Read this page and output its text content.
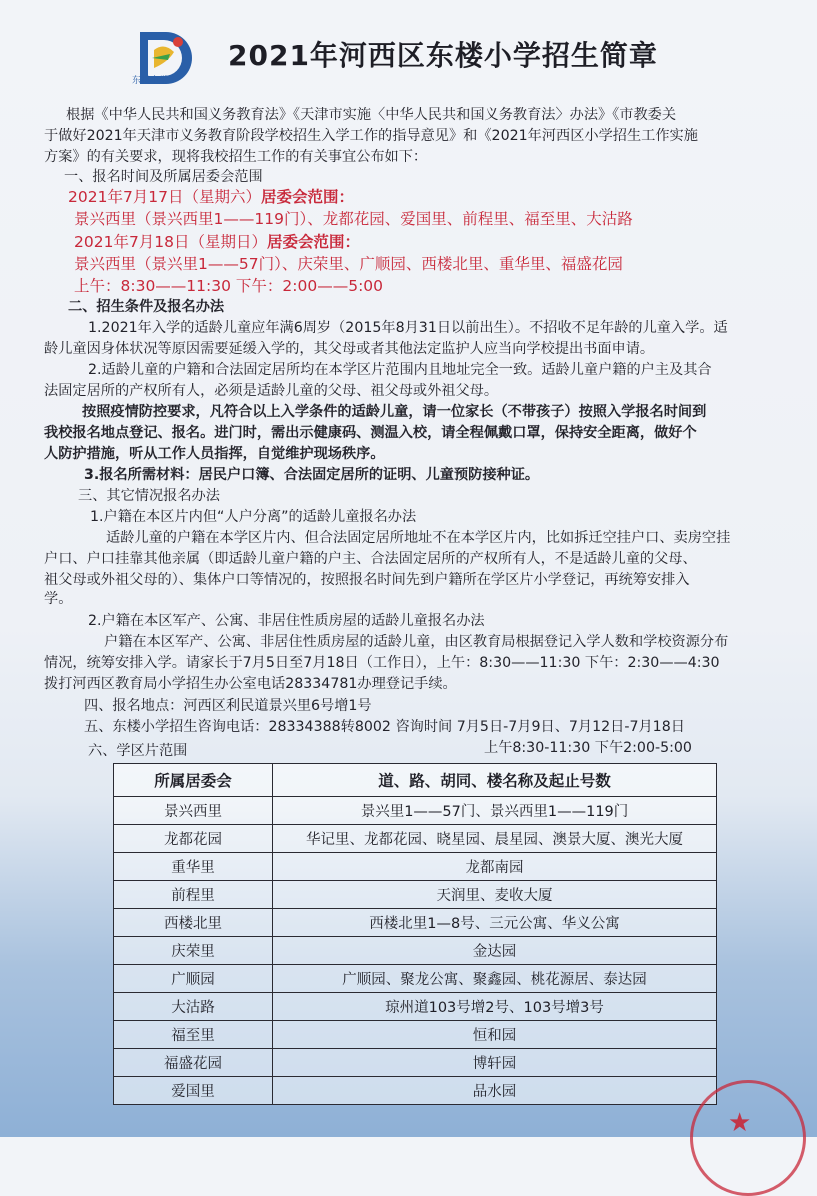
东楼小学
2021年河西区东楼小学招生简章
根据《中华人民共和国义务教育法》《天津市实施〈中华人民共和国义务教育法〉办法》《市教委关
于做好2021年天津市义务教育阶段学校招生入学工作的指导意见》和《2021年河西区小学招生工作实施
方案》的有关要求，现将我校招生工作的有关事宜公布如下：
一、报名时间及所属居委会范围
2021年7月17日（星期六）居委会范围：
景兴西里（景兴西里1——119门）、龙都花园、爱国里、前程里、福至里、大沽路
2021年7月18日（星期日）居委会范围：
景兴西里（景兴里1——57门）、庆荣里、广顺园、西楼北里、重华里、福盛花园
上午：8:30——11:30 下午：2:00——5:00
二、招生条件及报名办法
1.2021年入学的适龄儿童应年满6周岁（2015年8月31日以前出生）。不招收不足年龄的儿童入学。适
龄儿童因身体状况等原因需要延缓入学的，其父母或者其他法定监护人应当向学校提出书面申请。
2.适龄儿童的户籍和合法固定居所均在本学区片范围内且地址完全一致。适龄儿童户籍的户主及其合
法固定居所的产权所有人，必须是适龄儿童的父母、祖父母或外祖父母。
按照疫情防控要求，凡符合以上入学条件的适龄儿童，请一位家长（不带孩子）按照入学报名时间到
我校报名地点登记、报名。进门时，需出示健康码、测温入校，请全程佩戴口罩，保持安全距离，做好个
人防护措施，听从工作人员指挥，自觉维护现场秩序。
3.报名所需材料：居民户口簿、合法固定居所的证明、儿童预防接种证。
三、其它情况报名办法
1.户籍在本区片内但“人户分离”的适龄儿童报名办法
适龄儿童的户籍在本学区片内、但合法固定居所地址不在本学区片内，比如拆迁空挂户口、卖房空挂
户口、户口挂靠其他亲属（即适龄儿童户籍的户主、合法固定居所的产权所有人，不是适龄儿童的父母、
祖父母或外祖父母的）、集体户口等情况的，按照报名时间先到户籍所在学区片小学登记，再统筹安排入
学。
2.户籍在本区军产、公寓、非居住性质房屋的适龄儿童报名办法
户籍在本区军产、公寓、非居住性质房屋的适龄儿童，由区教育局根据登记入学人数和学校资源分布
情况，统筹安排入学。请家长于7月5日至7月18日（工作日），上午：8:30——11:30 下午：2:30——4:30
拨打河西区教育局小学招生办公室电话28334781办理登记手续。
四、报名地点：河西区利民道景兴里6号增1号
五、东楼小学招生咨询电话：28334388转8002 咨询时间 7月5日-7月9日、7月12日-7月18日
上午8:30-11:30 下午2:00-5:00
六、学区片范围
所属居委会	道、路、胡同、楼名称及起止号数
景兴西里	景兴里1——57门、景兴西里1——119门
龙都花园	华记里、龙都花园、晓星园、晨星园、澳景大厦、澳光大厦
重华里	龙都南园
前程里	天润里、麦收大厦
西楼北里	西楼北里1—8号、三元公寓、华义公寓
庆荣里	金达园
广顺园	广顺园、聚龙公寓、聚鑫园、桃花源居、泰达园
大沽路	琼州道103号增2号、103号增3号
福至里	恒和园
福盛花园	博轩园
爱国里	品水园
★
